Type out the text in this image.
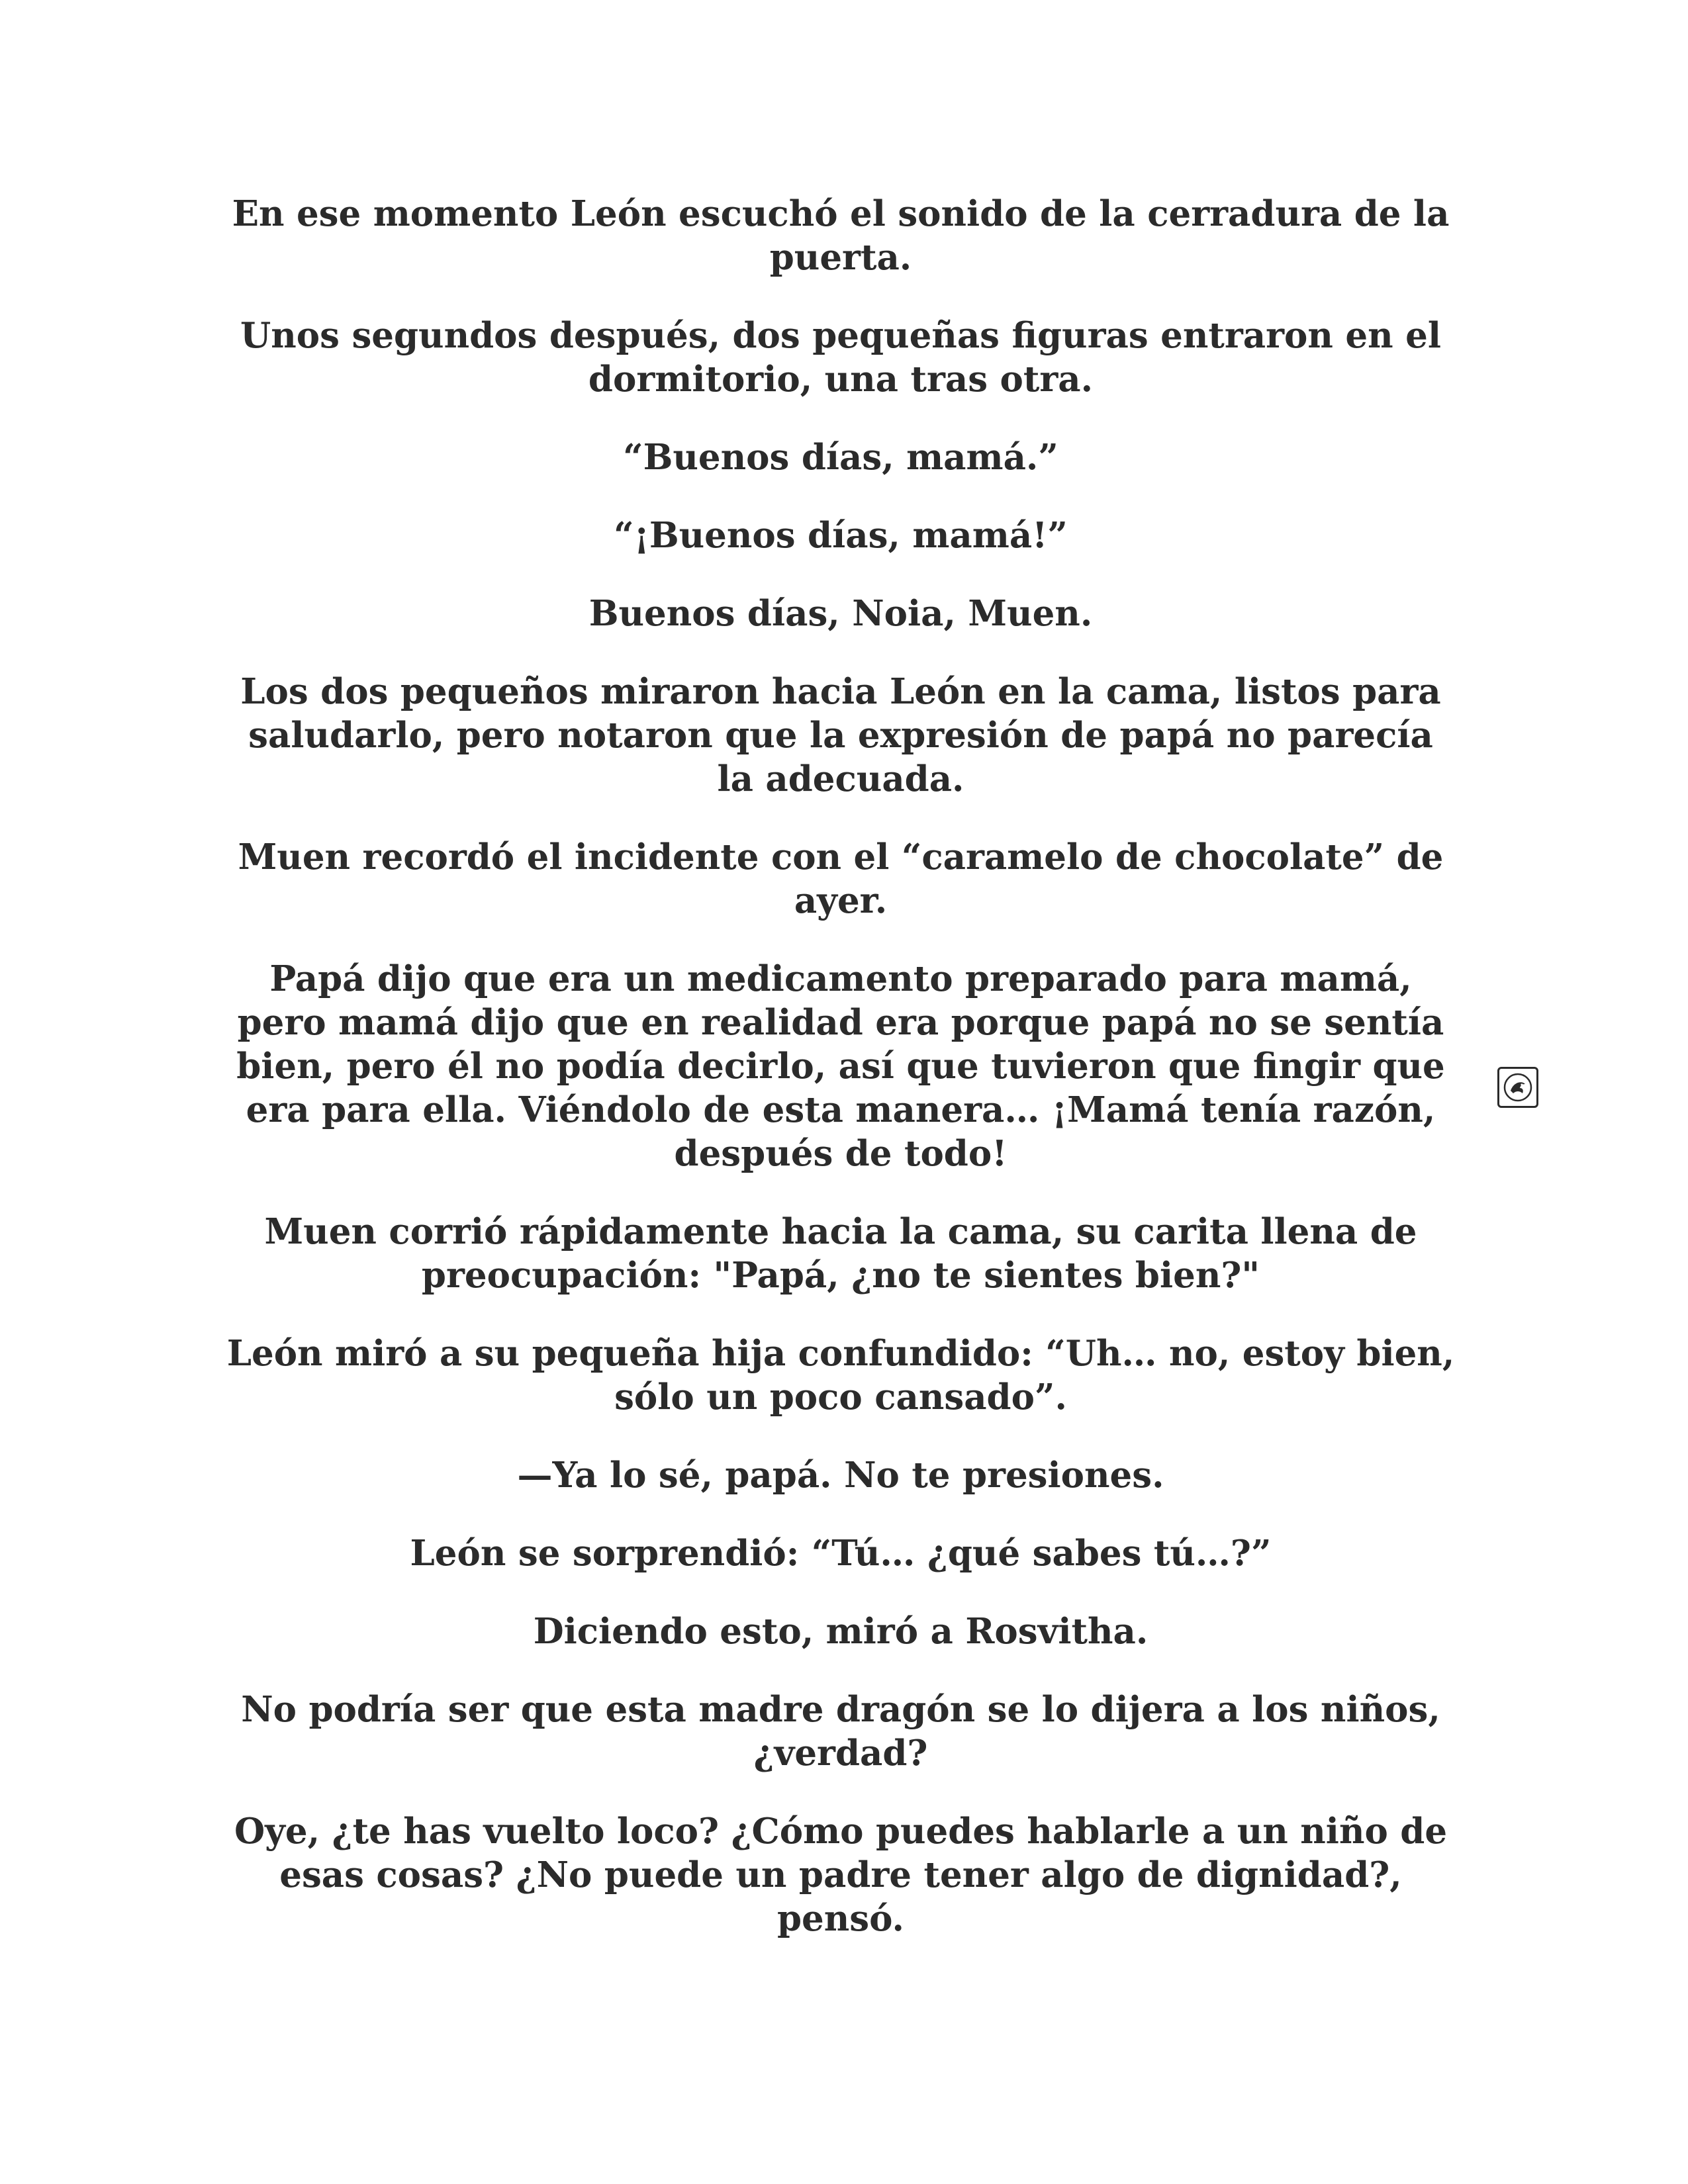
En ese momento León escuchó el sonido de la cerradura de la puerta.

Unos segundos después, dos pequeñas figuras entraron en el dormitorio, una tras otra.

“Buenos días, mamá.”

“¡Buenos días, mamá!”

Buenos días, Noia, Muen.

Los dos pequeños miraron hacia León en la cama, listos para saludarlo, pero notaron que la expresión de papá no parecía la adecuada.

Muen recordó el incidente con el “caramelo de chocolate” de ayer.

Papá dijo que era un medicamento preparado para mamá, pero mamá dijo que en realidad era porque papá no se sentía bien, pero él no podía decirlo, así que tuvieron que fingir que era para ella. Viéndolo de esta manera… ¡Mamá tenía razón, después de todo!

Muen corrió rápidamente hacia la cama, su carita llena de preocupación: "Papá, ¿no te sientes bien?"

León miró a su pequeña hija confundido: “Uh… no, estoy bien, sólo un poco cansado”.

—Ya lo sé, papá. No te presiones.

León se sorprendió: “Tú… ¿qué sabes tú…?”

Diciendo esto, miró a Rosvitha.

No podría ser que esta madre dragón se lo dijera a los niños, ¿verdad?

Oye, ¿te has vuelto loco? ¿Cómo puedes hablarle a un niño de esas cosas? ¿No puede un padre tener algo de dignidad?, pensó.
